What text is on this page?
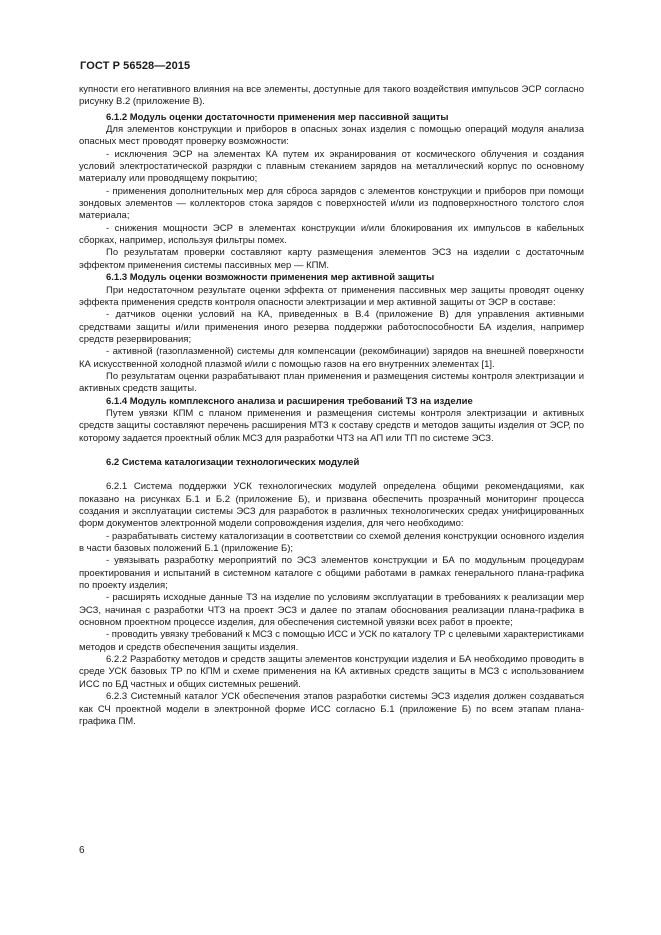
ГОСТ Р 56528—2015

купности его негативного влияния на все элементы, доступные для такого воздействия импульсов ЭСР согласно рисунку В.2 (приложение В).

6.1.2 Модуль оценки достаточности применения мер пассивной защиты

Для элементов конструкции и приборов в опасных зонах изделия с помощью операций модуля анализа опасных мест проводят проверку возможности:

- исключения ЭСР на элементах КА путем их экранирования от космического облучения и создания условий электростатической разрядки с плавным стеканием зарядов на металлический корпус по основному материалу или проводящему покрытию;

- применения дополнительных мер для сброса зарядов с элементов конструкции и приборов при помощи зондовых элементов — коллекторов стока зарядов с поверхностей и/или из подповерхностного толстого слоя материала;

- снижения мощности ЭСР в элементах конструкции и/или блокирования их импульсов в кабельных сборках, например, используя фильтры помех.

По результатам проверки составляют карту размещения элементов ЭСЗ на изделии с достаточным эффектом применения системы пассивных мер — КПМ.

6.1.3 Модуль оценки возможности применения мер активной защиты

При недостаточном результате оценки эффекта от применения пассивных мер защиты проводят оценку эффекта применения средств контроля опасности электризации и мер активной защиты от ЭСР в составе:

- датчиков оценки условий на КА, приведенных в В.4 (приложение В) для управления активными средствами защиты и/или применения иного резерва поддержки работоспособности БА изделия, например средств резервирования;

- активной (газоплазменной) системы для компенсации (рекомбинации) зарядов на внешней поверхности КА искусственной холодной плазмой и/или с помощью газов на его внутренних элементах [1].

По результатам оценки разрабатывают план применения и размещения системы контроля электризации и активных средств защиты.

6.1.4 Модуль комплексного анализа и расширения требований ТЗ на изделие

Путем увязки КПМ с планом применения и размещения системы контроля электризации и активных средств защиты составляют перечень расширения МТЗ к составу средств и методов защиты изделия от ЭСР, по которому задается проектный облик МСЗ для разработки ЧТЗ на АП или ТП по системе ЭСЗ.

6.2 Система каталогизации технологических модулей

6.2.1 Система поддержки УСК технологических модулей определена общими рекомендациями, как показано на рисунках Б.1 и Б.2 (приложение Б), и призвана обеспечить прозрачный мониторинг процесса создания и эксплуатации системы ЭСЗ для разработок в различных технологических средах унифицированных форм документов электронной модели сопровождения изделия, для чего необходимо:

- разрабатывать систему каталогизации в соответствии со схемой деления конструкции основного изделия в части базовых положений Б.1 (приложение Б);

- увязывать разработку мероприятий по ЭСЗ элементов конструкции и БА по модульным процедурам проектирования и испытаний в системном каталоге с общими работами в рамках генерального плана-графика по проекту изделия;

- расширять исходные данные ТЗ на изделие по условиям эксплуатации в требованиях к реализации мер ЭСЗ, начиная с разработки ЧТЗ на проект ЭСЗ и далее по этапам обоснования реализации плана-графика в основном проектном процессе изделия, для обеспечения системной увязки всех работ в проекте;

- проводить увязку требований к МСЗ с помощью ИСС и УСК по каталогу ТР с целевыми характеристиками методов и средств обеспечения защиты изделия.

6.2.2 Разработку методов и средств защиты элементов конструкции изделия и БА необходимо проводить в среде УСК базовых ТР по КПМ и схеме применения на КА активных средств защиты в МСЗ с использованием ИСС по БД частных и общих системных решений.

6.2.3 Системный каталог УСК обеспечения этапов разработки системы ЭСЗ изделия должен создаваться как СЧ проектной модели в электронной форме ИСС согласно Б.1 (приложение Б) по всем этапам плана-графика ПМ.

6
